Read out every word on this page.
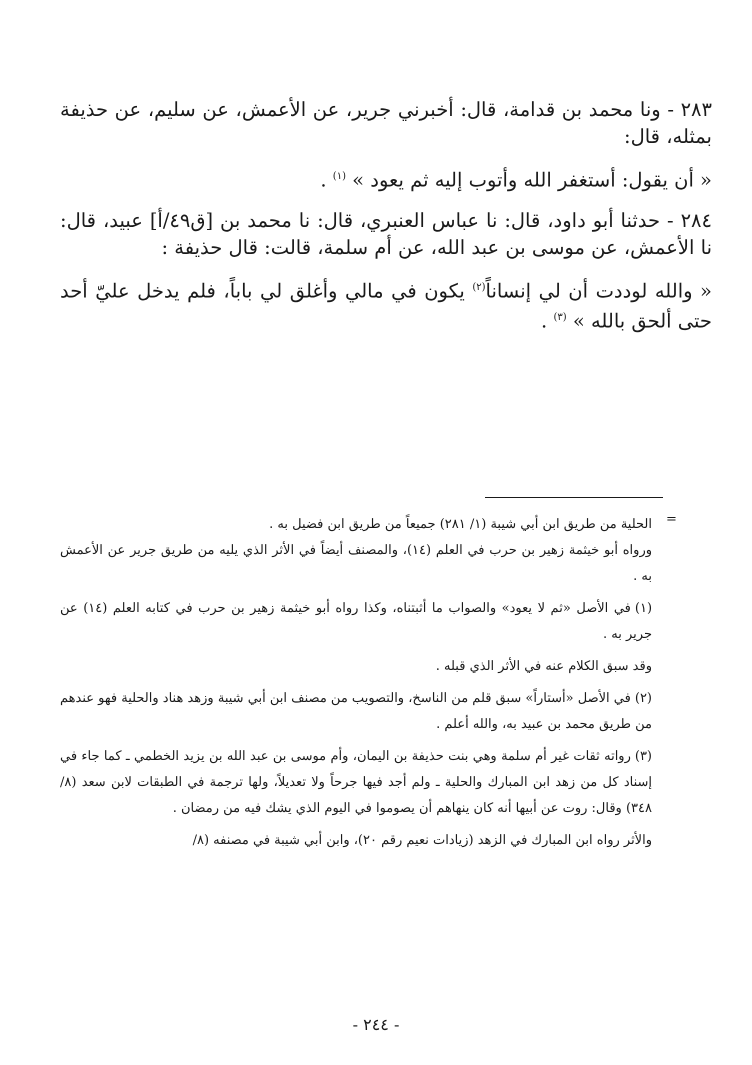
٢٨٣ - ونا محمد بن قدامة، قال: أخبرني جرير، عن الأعمش، عن سليم، عن حذيفة بمثله، قال:

« أن يقول: أستغفر الله وأتوب إليه ثم يعود » $^{(١)}$ .

٢٨٤ - حدثنا أبو داود، قال: نا عباس العنبري، قال: نا محمد بن [ق٤٩/أ] عبيد، قال: نا الأعمش، عن موسى بن عبد الله، عن أم سلمة، قالت: قال حذيفة :

« والله لوددت أن لي إنساناً$^{(٢)}$ يكون في مالي وأغلق لي باباً، فلم يدخل عليّ أحد حتى ألحق بالله » $^{(٣)}$ .

=

الحلية من طريق ابن أبي شيبة (١/ ٢٨١) جميعاً من طريق ابن فضيل به .

ورواه أبو خيثمة زهير بن حرب في العلم (١٤)، والمصنف أيضاً في الأثر الذي يليه من طريق جرير عن الأعمش به .

(١)في الأصل «ثم لا يعود» والصواب ما أثبتناه، وكذا رواه أبو خيثمة زهير بن حرب في كتابه العلم (١٤) عن جرير به .

وقد سبق الكلام عنه في الأثر الذي قبله .

(٢)في الأصل «أستاراً» سبق قلم من الناسخ، والتصويب من مصنف ابن أبي شيبة وزهد هناد والحلية فهو عندهم من طريق محمد بن عبيد به، والله أعلم .

(٣)رواته ثقات غير أم سلمة وهي بنت حذيفة بن اليمان، وأم موسى بن عبد الله بن يزيد الخطمي ـ كما جاء في إسناد كل من زهد ابن المبارك والحلية ـ ولم أجد فيها جرحاً ولا تعديلاً، ولها ترجمة في الطبقات لابن سعد (٨/ ٣٤٨) وقال: روت عن أبيها أنه كان ينهاهم أن يصوموا في اليوم الذي يشك فيه من رمضان .

والأثر رواه ابن المبارك في الزهد (زيادات نعيم رقم ٢٠)، وابن أبي شيبة في مصنفه (٨/

- ٢٤٤ -
